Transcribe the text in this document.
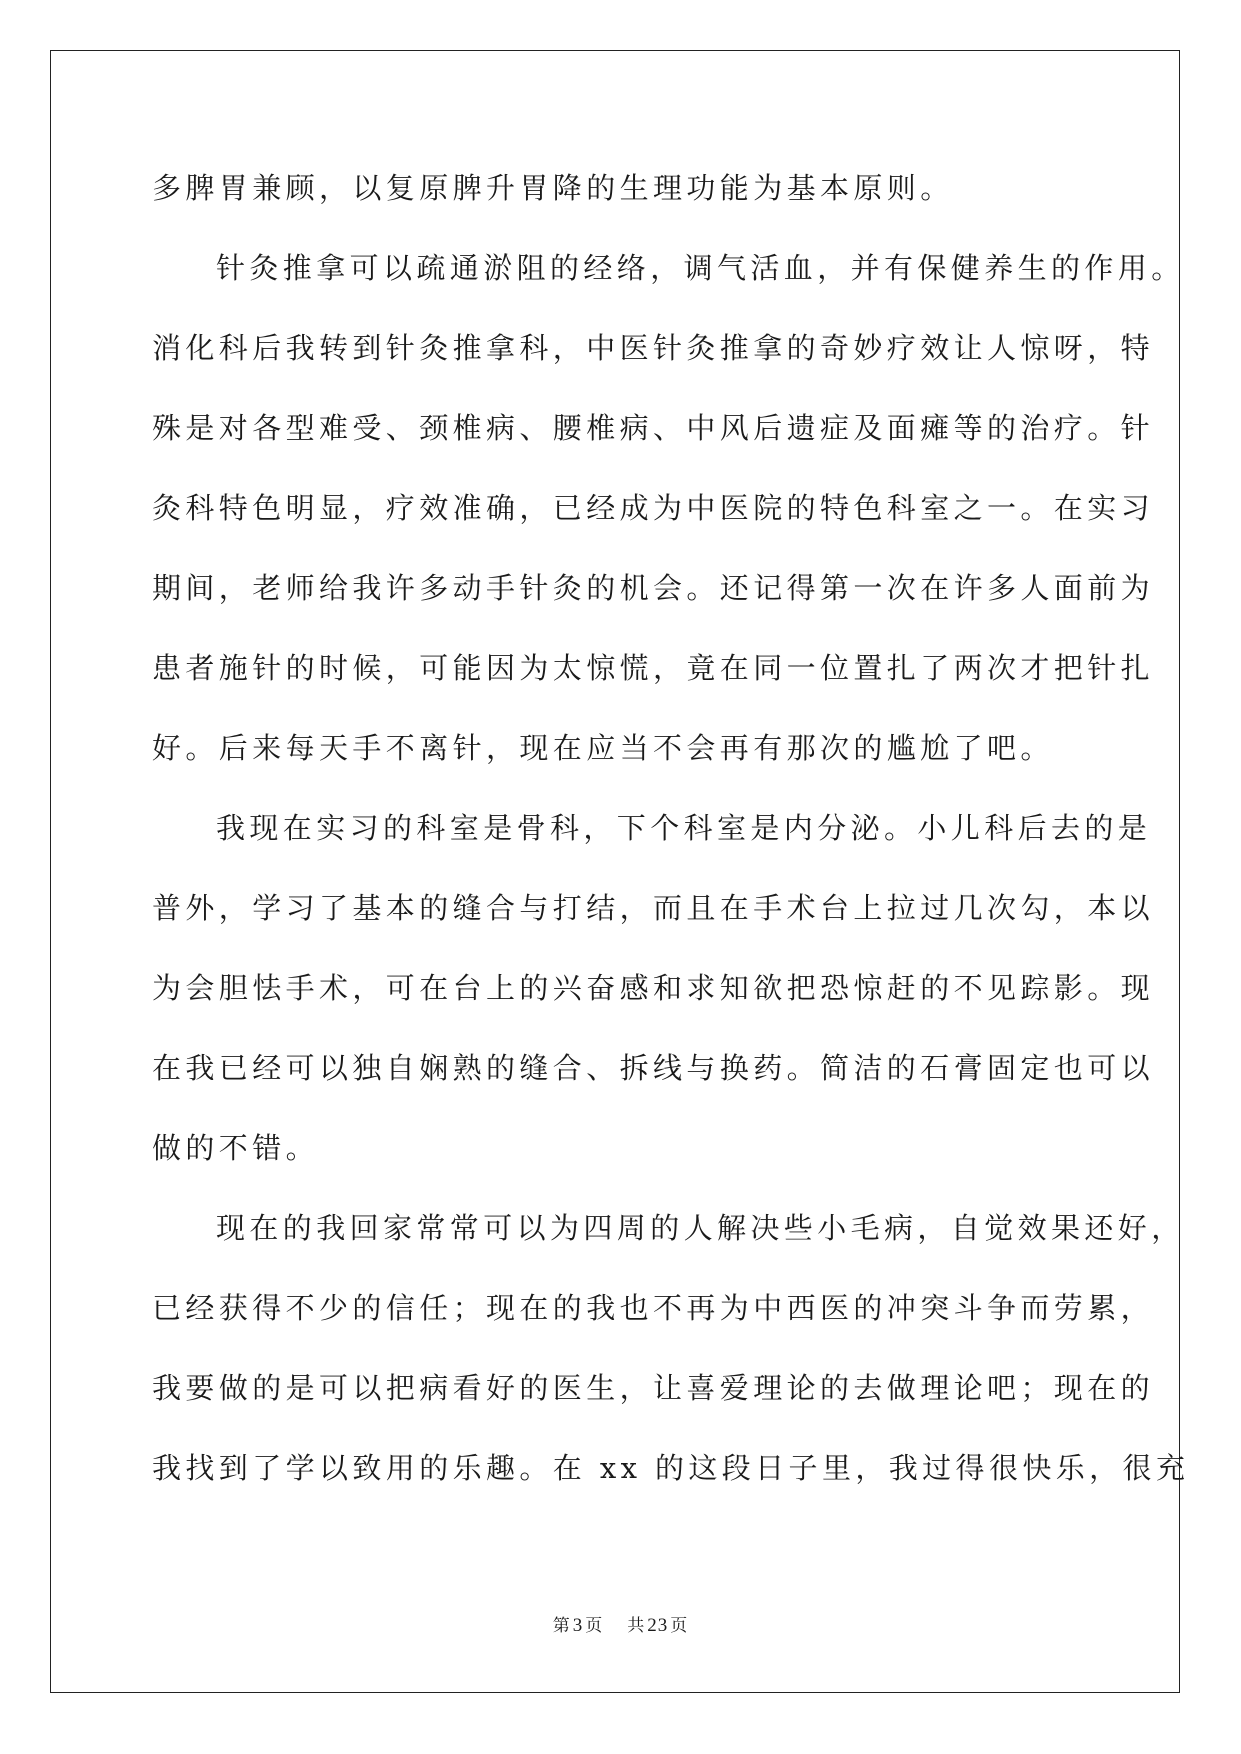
多脾胃兼顾，以复原脾升胃降的生理功能为基本原则。
针灸推拿可以疏通淤阻的经络，调气活血，并有保健养生的作用。
消化科后我转到针灸推拿科，中医针灸推拿的奇妙疗效让人惊呀，特
殊是对各型难受、颈椎病、腰椎病、中风后遗症及面瘫等的治疗。针
灸科特色明显，疗效准确，已经成为中医院的特色科室之一。在实习
期间，老师给我许多动手针灸的机会。还记得第一次在许多人面前为
患者施针的时候，可能因为太惊慌，竟在同一位置扎了两次才把针扎
好。后来每天手不离针，现在应当不会再有那次的尴尬了吧。
我现在实习的科室是骨科，下个科室是内分泌。小儿科后去的是
普外，学习了基本的缝合与打结，而且在手术台上拉过几次勾，本以
为会胆怯手术，可在台上的兴奋感和求知欲把恐惊赶的不见踪影。现
在我已经可以独自娴熟的缝合、拆线与换药。简洁的石膏固定也可以
做的不错。
现在的我回家常常可以为四周的人解决些小毛病，自觉效果还好，
已经获得不少的信任；现在的我也不再为中西医的冲突斗争而劳累，
我要做的是可以把病看好的医生，让喜爱理论的去做理论吧；现在的
我找到了学以致用的乐趣。在 xx 的这段日子里，我过得很快乐，很充
第 3 页 共 23 页
